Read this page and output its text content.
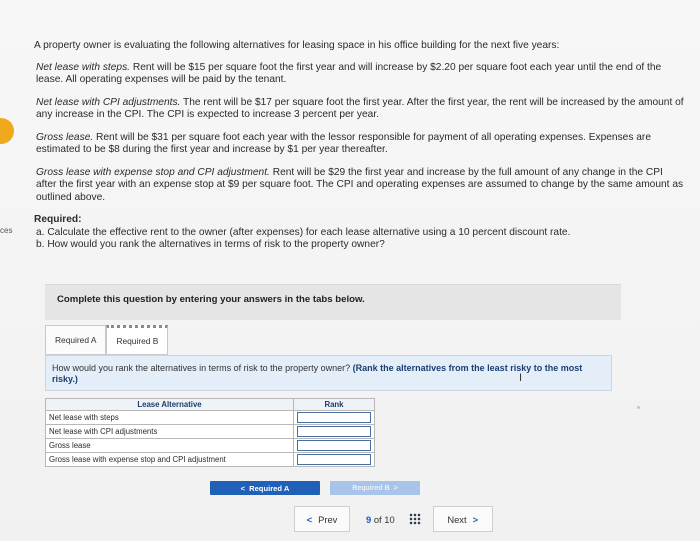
ces

A property owner is evaluating the following alternatives for leasing space in his office building for the next five years:

Net lease with steps. Rent will be $15 per square foot the first year and will increase by $2.20 per square foot each year until the end of the lease. All operating expenses will be paid by the tenant.

Net lease with CPI adjustments. The rent will be $17 per square foot the first year. After the first year, the rent will be increased by the amount of any increase in the CPI. The CPI is expected to increase 3 percent per year.

Gross lease. Rent will be $31 per square foot each year with the lessor responsible for payment of all operating expenses. Expenses are estimated to be $8 during the first year and increase by $1 per year thereafter.

Gross lease with expense stop and CPI adjustment. Rent will be $29 the first year and increase by the full amount of any change in the CPI after the first year with an expense stop at $9 per square foot. The CPI and operating expenses are assumed to change by the same amount as outlined above.

Required:

a. Calculate the effective rent to the owner (after expenses) for each lease alternative using a 10 percent discount rate.

b. How would you rank the alternatives in terms of risk to the property owner?

Complete this question by entering your answers in the tabs below.
Required A	Required B

How would you rank the alternatives in terms of risk to the property owner? (Rank the alternatives from the least risky to the most risky.)

Lease Alternative	Rank
Net lease with steps	

Net lease with CPI adjustments	

Gross lease	

Gross lease with expense stop and CPI adjustment	
< Required A	Required B >
< Prev	9 of 10	Next >
I
